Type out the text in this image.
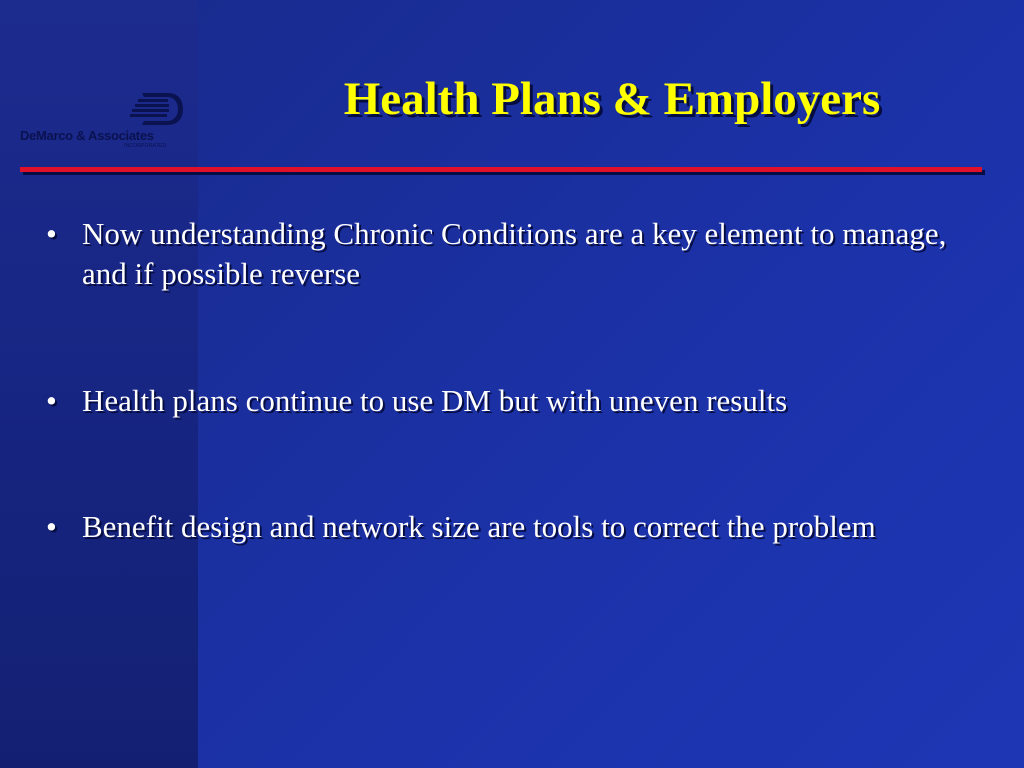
DeMarco & Associates
INCORPORATED
Health Plans & Employers
• Now understanding Chronic Conditions are a key element to manage, and if possible reverse
• Health plans continue to use DM but with uneven results
• Benefit design and network size are tools to correct the problem
